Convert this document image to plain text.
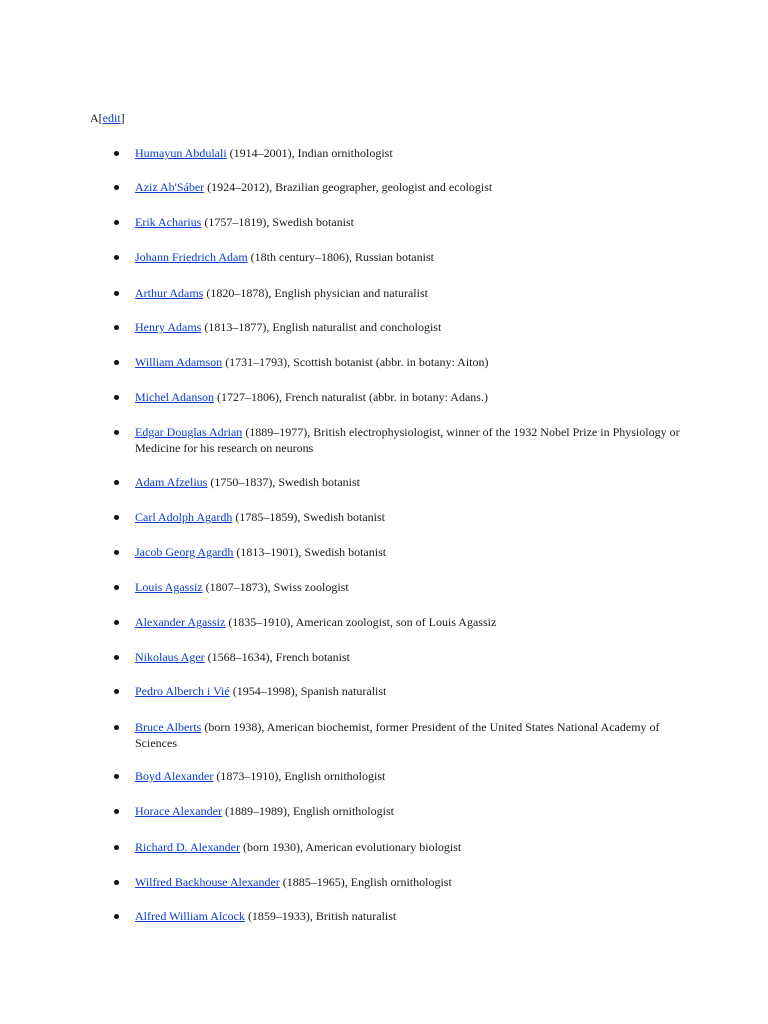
A[edit]
Humayun Abdulali (1914–2001), Indian ornithologist
Aziz Ab'Sáber (1924–2012), Brazilian geographer, geologist and ecologist
Erik Acharius (1757–1819), Swedish botanist
Johann Friedrich Adam (18th century–1806), Russian botanist
Arthur Adams (1820–1878), English physician and naturalist
Henry Adams (1813–1877), English naturalist and conchologist
William Adamson (1731–1793), Scottish botanist (abbr. in botany: Aiton)
Michel Adanson (1727–1806), French naturalist (abbr. in botany: Adans.)
Edgar Douglas Adrian (1889–1977), British electrophysiologist, winner of the 1932 Nobel Prize in Physiology or Medicine for his research on neurons
Adam Afzelius (1750–1837), Swedish botanist
Carl Adolph Agardh (1785–1859), Swedish botanist
Jacob Georg Agardh (1813–1901), Swedish botanist
Louis Agassiz (1807–1873), Swiss zoologist
Alexander Agassiz (1835–1910), American zoologist, son of Louis Agassiz
Nikolaus Ager (1568–1634), French botanist
Pedro Alberch i Vié (1954–1998), Spanish naturalist
Bruce Alberts (born 1938), American biochemist, former President of the United States National Academy of Sciences
Boyd Alexander (1873–1910), English ornithologist
Horace Alexander (1889–1989), English ornithologist
Richard D. Alexander (born 1930), American evolutionary biologist
Wilfred Backhouse Alexander (1885–1965), English ornithologist
Alfred William Alcock (1859–1933), British naturalist
